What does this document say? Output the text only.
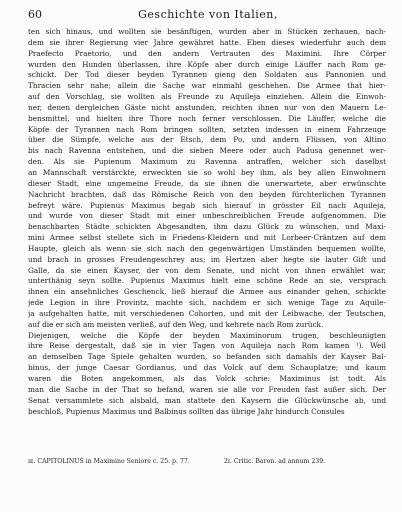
60	Geschichte von Italien,
ten sich hinaus, und wollten sie besänftigen, wurden aber in Stücken zerhauen, nach-
dem sie ihrer Regierung vier Jahre gewähret hatte. Eben dieses wiederfuhr auch dem
Praefecto Praetorio, und den andern Vertrauten des Maximini. Ihre Cörper
wurden den Hunden überlassen, ihre Köpfe aber durch einige Läuffer nach Rom ge-
schickt. Der Tod dieser beyden Tyrannen gieng den Soldaten aus Pannonien und
Thracien sehr nahe; allein die Sache war einmahl geschehen. Die Armee that hier-
auf den Vorschlag, sie wollten als Freunde zu Aquileja einziehen. Allein die Einwoh-
ner, denen dergleichen Gäste nicht anstunden, reichten ihnen nur von den Mauern Le-
bensmittel, und hielten ihre Thore noch ferner verschlossen. Die Läuffer, welche die
Köpfe der Tyrannen nach Rom bringen sollten, setzten indessen in einem Fahrzeuge
über die Sümpfe, welche aus der Etsch, dem Po, und andern Flüssen, von Altino
bis nach Ravenna entstehen, und die sieben Meere oder auch Padusa genennet wer-
den. Als sie Pupienum Maximum zu Ravenna antraffen, welcher sich daselbst
an Mannschaft verstärckte, erweckten sie so wohl bey ihm, als bey allen Einwohnern
dieser Stadt, eine ungemeine Freude, da sie ihnen die unerwartete, aber erwünschte
Nachricht brachten, daß das Römische Reich von den beyden fürchterlichen Tyrannen
befreyt wäre. Pupienus Maximus begab sich hierauf in grösster Eil nach Aquileja,
und wurde von dieser Stadt mit einer unbeschreiblichen Freude aufgenommen. Die
benachbarten Städte schickten Abgesandten, ihm dazu Glück zu wünschen, und Maxi-
mini Armee selbst stellete sich in Friedens-Kleidern und mit Lorbeer-Cräntzen auf dem
Haupte, gleich als wenn sie sich nach den gegenwärtigen Umständen bequemen wollte,
und brach in grosses Freudengeschrey aus; im Hertzen aber hegte sie lauter Gift und
Galle, da sie einen Kayser, der von dem Senate, und nicht von ihnen erwählet war,
unterthänig seyn sollte. Pupienus Maximus hielt eine schöne Rede an sie, versprach
ihnen ein ansehnliches Geschenck, ließ hierauf die Armee aus einander gehen, schickte
jede Legion in ihre Provintz, machte sich, nachdem er sich wenige Tage zu Aquile-
ja aufgehalten hatte, mit verschiedenen Cohorten, und mit der Leibwache, der Teutschen,
auf die er sich am meisten verließ, auf den Weg, und kehrete nach Rom zurück.
Diejenigen, welche die Köpfe der beyden Maximinorum trugen, beschleunigten
ihre Reise dergestalt, daß sie in vier Tagen von Aquileja nach Rom kamen ¹). Weil
an demselben Tage Spiele gehalten wurden, so befanden sich damahls der Kayser Bal-
binus, der junge Caesar Gordianus, und das Volck auf dem Schauplatze; und kaum
waren die Boten angekommen, als das Volck schrie: Maximinus ist todt. Als
man die Sache in der That so befand, waren sie alle vor Freuden fast außer sich. Der
Senat versammlete sich alsbald, man stattete den Kaysern die Glückwünsche ab, und
beschloß, Pupienus Maximus und Balbinus sollten das übrige Jahr hindurch Consules
ɪᴇ. CAPITOLINUS in Maximino Seniore c. 25. p. 77.	2ɪ. Critic. Baron. ad annum 239.
